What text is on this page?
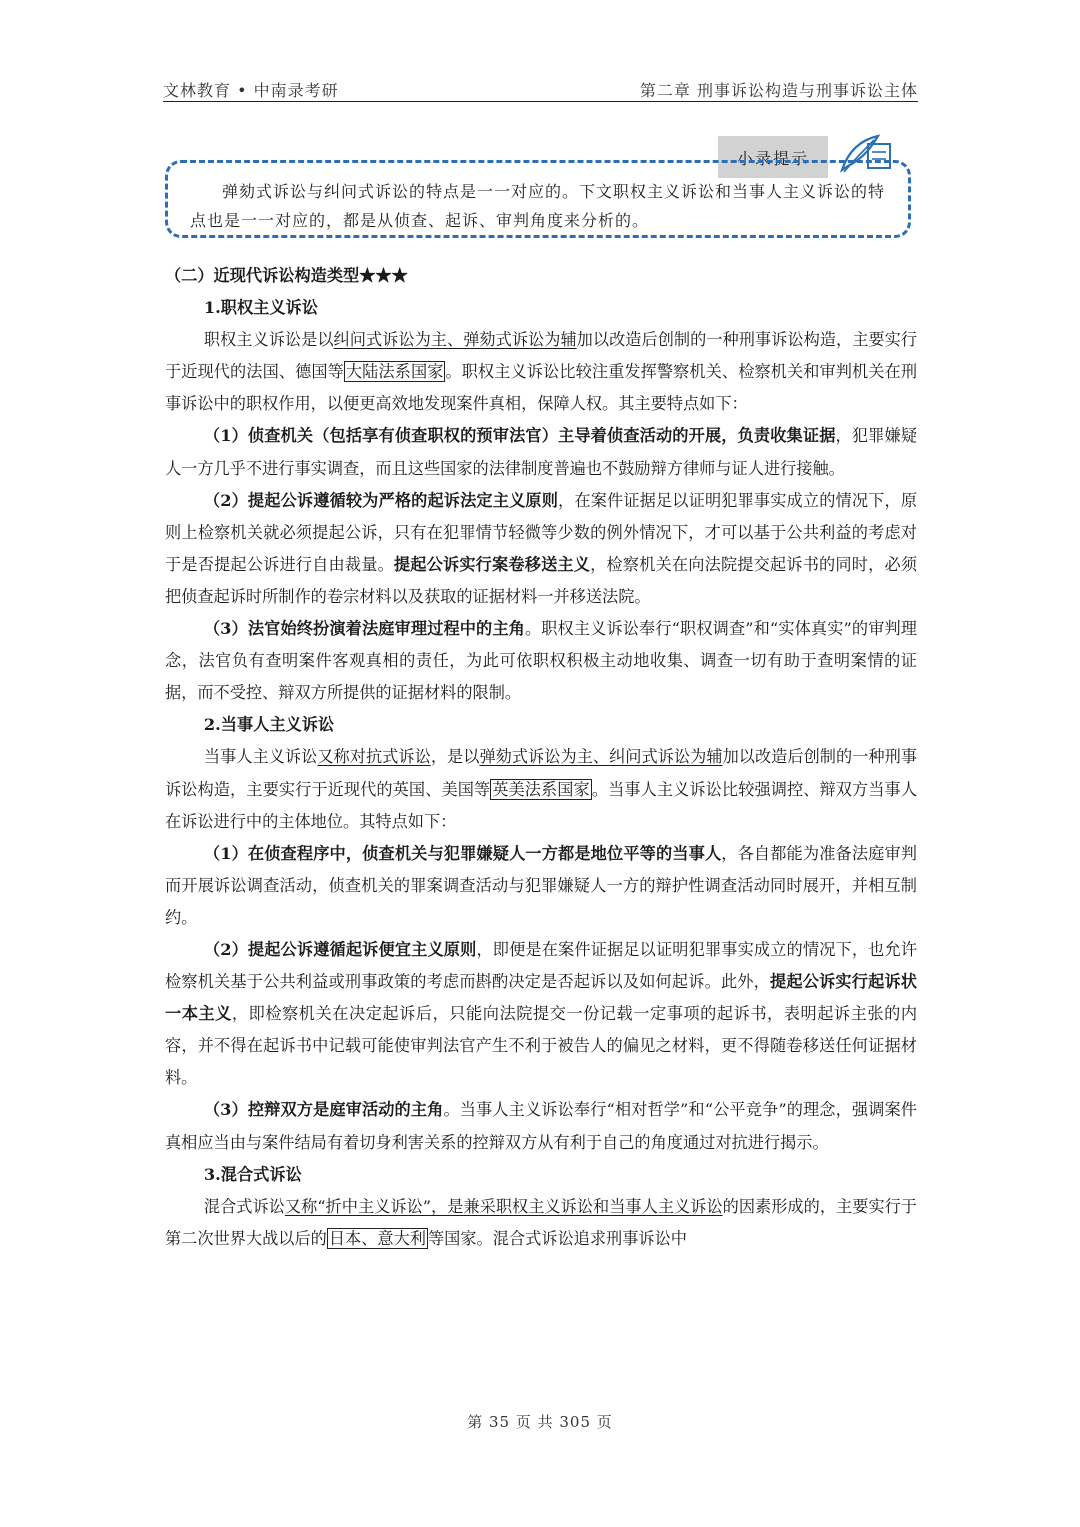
文林教育 • 中南录考研	第二章 刑事诉讼构造与刑事诉讼主体
小录提示

弹劾式诉讼与纠问式诉讼的特点是一一对应的。下文职权主义诉讼和当事人主义诉讼的特点也是一一对应的，都是从侦查、起诉、审判角度来分析的。

（二）近现代诉讼构造类型★★★

1.职权主义诉讼

职权主义诉讼是以纠问式诉讼为主、弹劾式诉讼为辅加以改造后创制的一种刑事诉讼构造，主要实行于近现代的法国、德国等 大陆法系国家 。职权主义诉讼比较注重发挥警察机关、检察机关和审判机关在刑事诉讼中的职权作用，以便更高效地发现案件真相，保障人权。其主要特点如下：

（1）侦查机关（包括享有侦查职权的预审法官）主导着侦查活动的开展，负责收集证据，犯罪嫌疑人一方几乎不进行事实调查，而且这些国家的法律制度普遍也不鼓励辩方律师与证人进行接触。

（2）提起公诉遵循较为严格的起诉法定主义原则，在案件证据足以证明犯罪事实成立的情况下，原则上检察机关就必须提起公诉，只有在犯罪情节轻微等少数的例外情况下，才可以基于公共利益的考虑对于是否提起公诉进行自由裁量。提起公诉实行案卷移送主义，检察机关在向法院提交起诉书的同时，必须把侦查起诉时所制作的卷宗材料以及获取的证据材料一并移送法院。

（3）法官始终扮演着法庭审理过程中的主角。职权主义诉讼奉行“职权调查”和“实体真实”的审判理念，法官负有查明案件客观真相的责任，为此可依职权积极主动地收集、调查一切有助于查明案情的证据，而不受控、辩双方所提供的证据材料的限制。

2.当事人主义诉讼

当事人主义诉讼又称对抗式诉讼，是以弹劾式诉讼为主、纠问式诉讼为辅加以改造后创制的一种刑事诉讼构造，主要实行于近现代的英国、美国等 英美法系国家 。当事人主义诉讼比较强调控、辩双方当事人在诉讼进行中的主体地位。其特点如下：

（1）在侦查程序中，侦查机关与犯罪嫌疑人一方都是地位平等的当事人，各自都能为准备法庭审判而开展诉讼调查活动，侦查机关的罪案调查活动与犯罪嫌疑人一方的辩护性调查活动同时展开，并相互制约。

（2）提起公诉遵循起诉便宜主义原则，即便是在案件证据足以证明犯罪事实成立的情况下，也允许检察机关基于公共利益或刑事政策的考虑而斟酌决定是否起诉以及如何起诉。此外，提起公诉实行起诉状一本主义，即检察机关在决定起诉后，只能向法院提交一份记载一定事项的起诉书，表明起诉主张的内容，并不得在起诉书中记载可能使审判法官产生不利于被告人的偏见之材料，更不得随卷移送任何证据材料。

（3）控辩双方是庭审活动的主角。当事人主义诉讼奉行“相对哲学”和“公平竞争”的理念，强调案件真相应当由与案件结局有着切身利害关系的控辩双方从有利于自己的角度通过对抗进行揭示。

3.混合式诉讼

混合式诉讼又称“折中主义诉讼”，是兼采职权主义诉讼和当事人主义诉讼的因素形成的，主要实行于第二次世界大战以后的 日本、意大利 等国家。混合式诉讼追求刑事诉讼中

第 35 页 共 305 页
